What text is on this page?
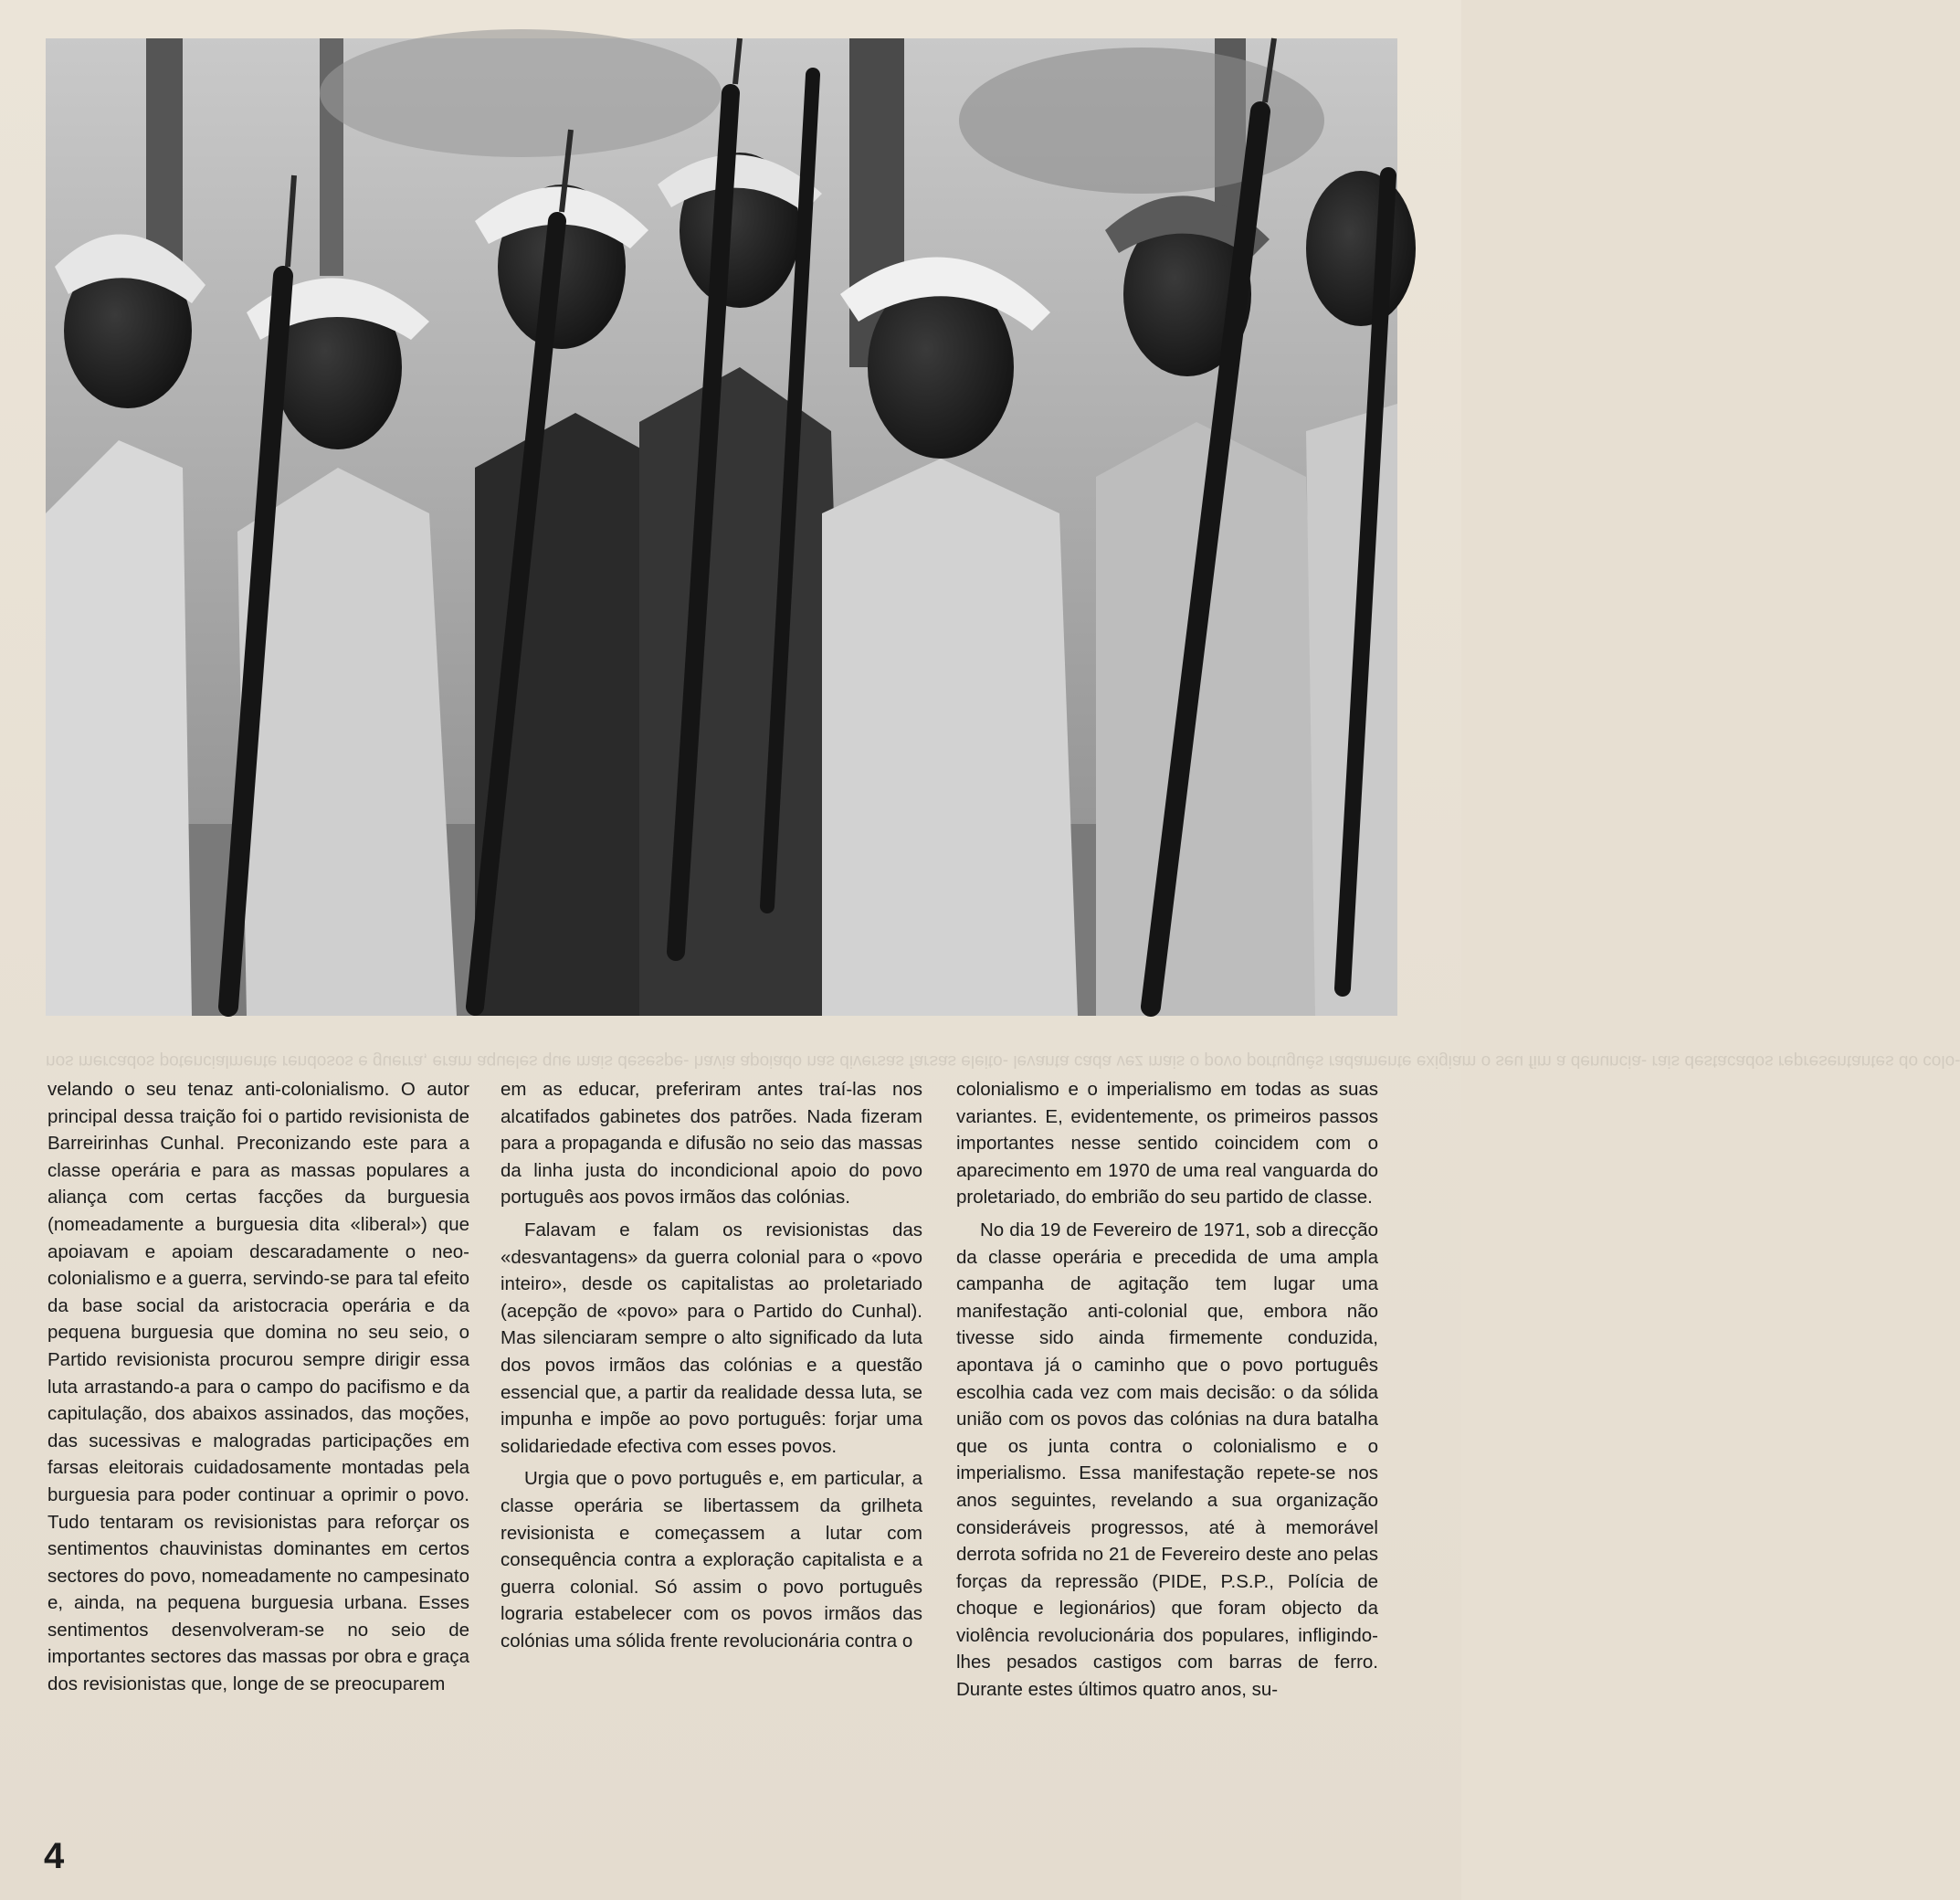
nos mercados potencialmente rendosos e guerra, eram aqueles que mais desespe- havia apoiado nas diversas farsas eleito- levanta cada vez mais o povo português radamente exigiam o seu fim a denuncia- rais destacados representantes do colo-

velando o seu tenaz anti-colonialismo. O autor principal dessa traição foi o partido revisionista de Barreirinhas Cunhal. Preconizando este para a classe operária e para as massas populares a aliança com certas facções da burguesia (nomeadamente a burguesia dita «liberal») que apoiavam e apoiam descaradamente o neo-colonialismo e a guerra, servindo-se para tal efeito da base social da aristocracia operária e da pequena burguesia que domina no seu seio, o Partido revisionista procurou sempre dirigir essa luta arrastando-a para o campo do pacifismo e da capitulação, dos abaixos assinados, das moções, das sucessivas e malogradas participações em farsas eleitorais cuidadosamente montadas pela burguesia para poder continuar a oprimir o povo. Tudo tentaram os revisionistas para reforçar os sentimentos chauvinistas dominantes em certos sectores do povo, nomeadamente no campesinato e, ainda, na pequena burguesia urbana. Esses sentimentos desenvolveram-se no seio de importantes sectores das massas por obra e graça dos revisionistas que, longe de se preocuparem

em as educar, preferiram antes traí-las nos alcatifados gabinetes dos patrões. Nada fizeram para a propaganda e difusão no seio das massas da linha justa do incondicional apoio do povo português aos povos irmãos das colónias.

Falavam e falam os revisionistas das «desvantagens» da guerra colonial para o «povo inteiro», desde os capitalistas ao proletariado (acepção de «povo» para o Partido do Cunhal). Mas silenciaram sempre o alto significado da luta dos povos irmãos das colónias e a questão essencial que, a partir da realidade dessa luta, se impunha e impõe ao povo português: forjar uma solidariedade efectiva com esses povos.

Urgia que o povo português e, em particular, a classe operária se libertassem da grilheta revisionista e começassem a lutar com consequência contra a exploração capitalista e a guerra colonial. Só assim o povo português lograria estabelecer com os povos irmãos das colónias uma sólida frente revolucionária contra o

colonialismo e o imperialismo em todas as suas variantes. E, evidentemente, os primeiros passos importantes nesse sentido coincidem com o aparecimento em 1970 de uma real vanguarda do proletariado, do embrião do seu partido de classe.

No dia 19 de Fevereiro de 1971, sob a direcção da classe operária e precedida de uma ampla campanha de agitação tem lugar uma manifestação anti-colonial que, embora não tivesse sido ainda firmemente conduzida, apontava já o caminho que o povo português escolhia cada vez com mais decisão: o da sólida união com os povos das colónias na dura batalha que os junta contra o colonialismo e o imperialismo. Essa manifestação repete-se nos anos seguintes, revelando a sua organização consideráveis progressos, até à memorável derrota sofrida no 21 de Fevereiro deste ano pelas forças da repressão (PIDE, P.S.P., Polícia de choque e legionários) que foram objecto da violência revolucionária dos populares, infligindo-lhes pesados castigos com barras de ferro. Durante estes últimos quatro anos, su-

4
